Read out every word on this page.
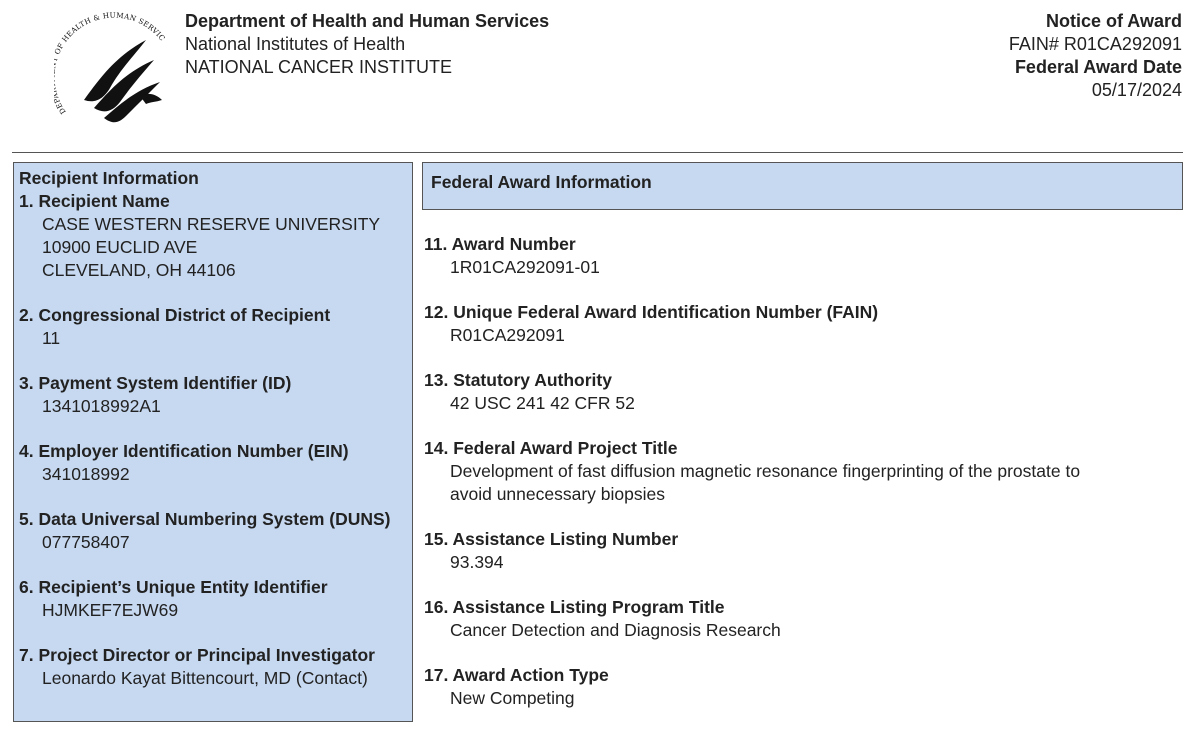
DE F HEALTH & HUMAN SERVIC
Department of Health and Human Services
National Institutes of Health
NATIONAL CANCER INSTITUTE
Notice of Award
FAIN# R01CA292091
Federal Award Date
05/17/2024
Recipient Information
1. Recipient Name
CASE WESTERN RESERVE UNIVERSITY
10900 EUCLID AVE
CLEVELAND, OH 44106
2. Congressional District of Recipient
11
3. Payment System Identifier (ID)
1341018992A1
4. Employer Identification Number (EIN)
341018992
5. Data Universal Numbering System (DUNS)
077758407
6. Recipient’s Unique Entity Identifier
HJMKEF7EJW69
7. Project Director or Principal Investigator
Leonardo Kayat Bittencourt, MD (Contact)
Federal Award Information
11. Award Number
1R01CA292091-01
12. Unique Federal Award Identification Number (FAIN)
R01CA292091
13. Statutory Authority
42 USC 241 42 CFR 52
14. Federal Award Project Title
Development of fast diffusion magnetic resonance fingerprinting of the prostate to
avoid unnecessary biopsies
15. Assistance Listing Number
93.394
16. Assistance Listing Program Title
Cancer Detection and Diagnosis Research
17. Award Action Type
New Competing
